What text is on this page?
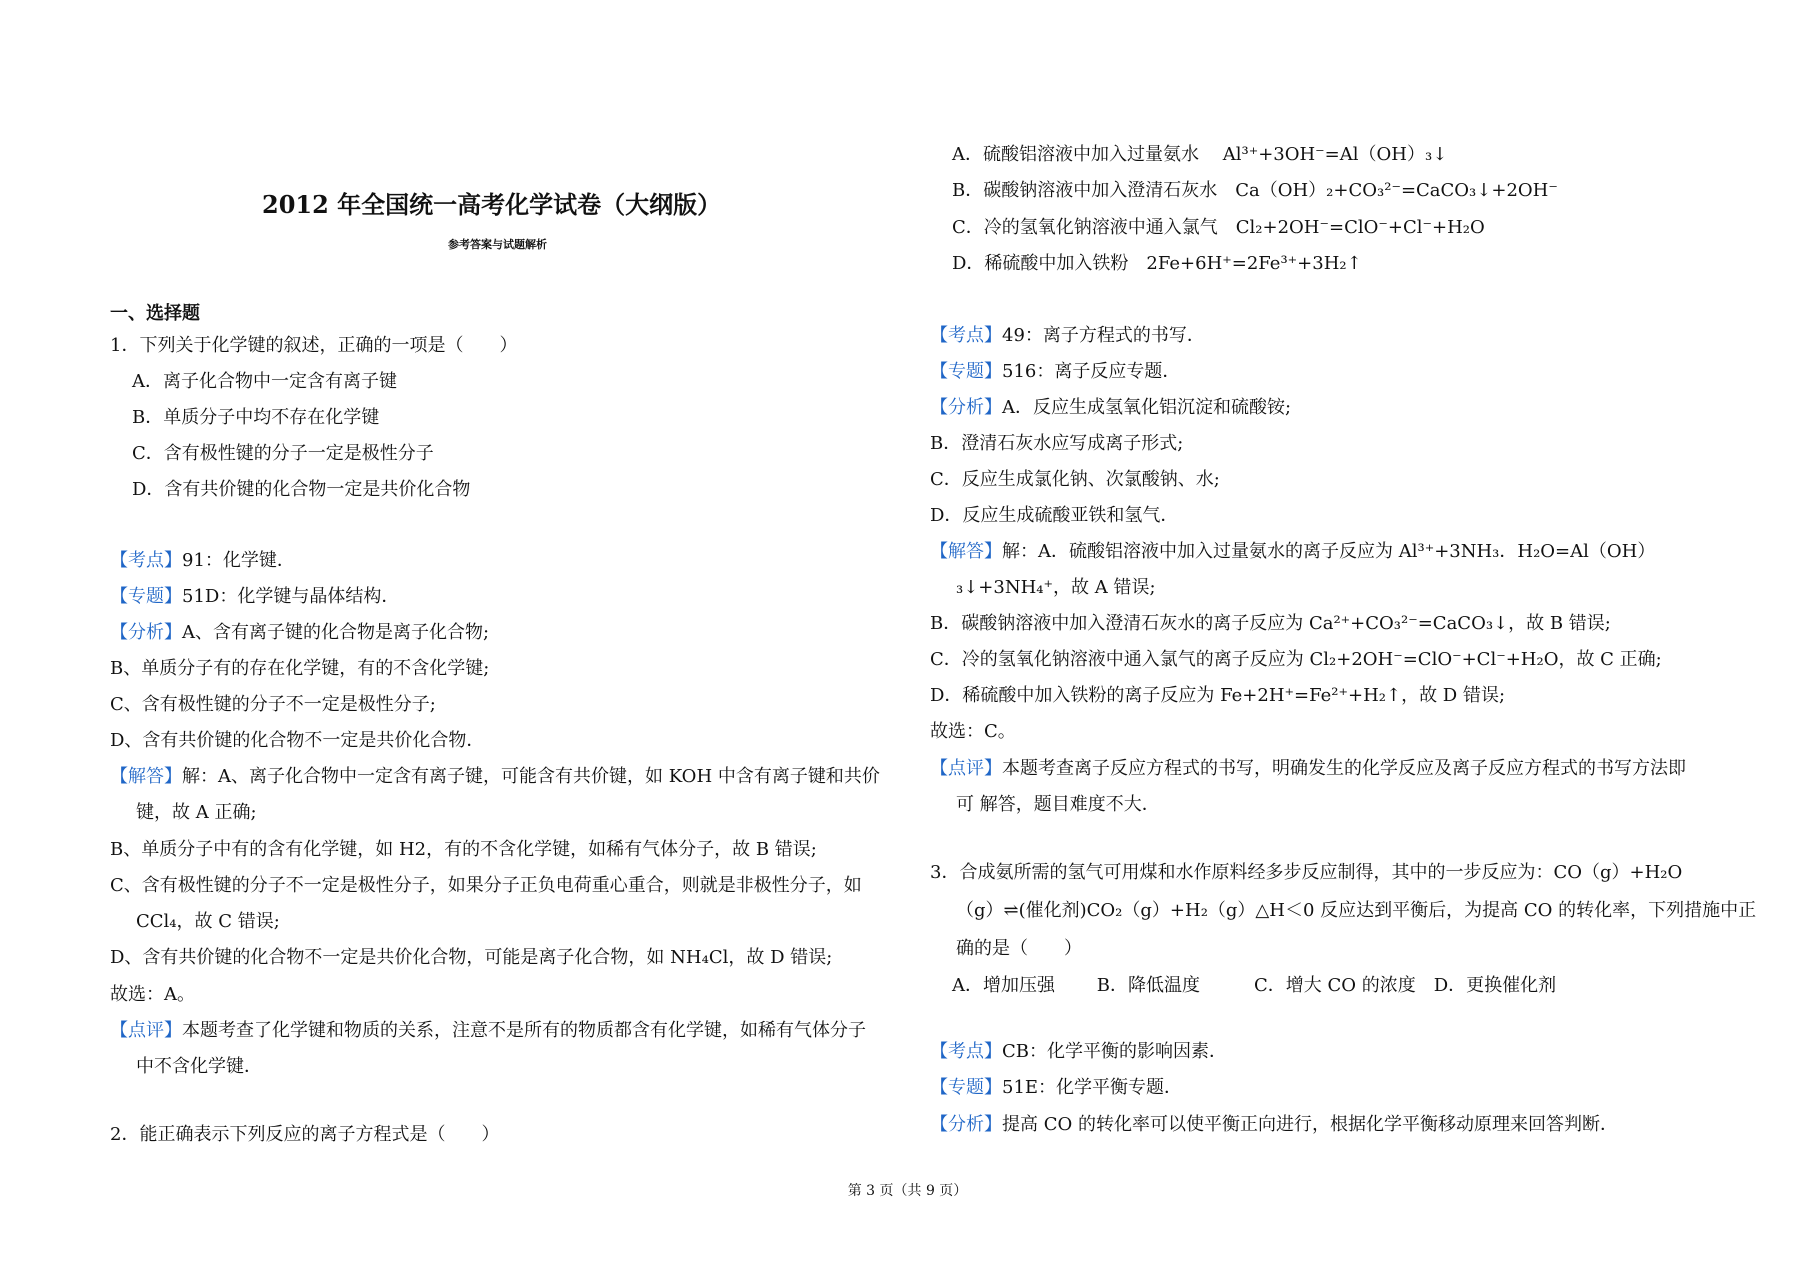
2012 年全国统一高考化学试卷（大纲版）
参考答案与试题解析
一、选择题
1．下列关于化学键的叙述，正确的一项是（　　）
A．离子化合物中一定含有离子键
B．单质分子中均不存在化学键
C．含有极性键的分子一定是极性分子
D．含有共价键的化合物一定是共价化合物
【考点】91：化学键．
【专题】51D：化学键与晶体结构．
【分析】A、含有离子键的化合物是离子化合物;
B、单质分子有的存在化学键，有的不含化学键;
C、含有极性键的分子不一定是极性分子;
D、含有共价键的化合物不一定是共价化合物．
【解答】解：A、离子化合物中一定含有离子键，可能含有共价键，如 KOH 中含有离子键和共价
键，故 A 正确;
B、单质分子中有的含有化学键，如 H2，有的不含化学键，如稀有气体分子，故 B 错误;
C、含有极性键的分子不一定是极性分子，如果分子正负电荷重心重合，则就是非极性分子，如
CCl₄，故 C 错误;
D、含有共价键的化合物不一定是共价化合物，可能是离子化合物，如 NH₄Cl，故 D 错误;
故选：A。
【点评】本题考查了化学键和物质的关系，注意不是所有的物质都含有化学键，如稀有气体分子
中不含化学键．
2．能正确表示下列反应的离子方程式是（　　）
A．硫酸铝溶液中加入过量氨水　 Al³⁺+3OH⁻=Al（OH）₃↓
B．碳酸钠溶液中加入澄清石灰水　Ca（OH）₂+CO₃²⁻=CaCO₃↓+2OH⁻
C．冷的氢氧化钠溶液中通入氯气　Cl₂+2OH⁻=ClO⁻+Cl⁻+H₂O
D．稀硫酸中加入铁粉　2Fe+6H⁺=2Fe³⁺+3H₂↑
【考点】49：离子方程式的书写．
【专题】516：离子反应专题．
【分析】A．反应生成氢氧化铝沉淀和硫酸铵;
B．澄清石灰水应写成离子形式;
C．反应生成氯化钠、次氯酸钠、水;
D．反应生成硫酸亚铁和氢气．
【解答】解：A．硫酸铝溶液中加入过量氨水的离子反应为 Al³⁺+3NH₃．H₂O=Al（OH）
₃↓+3NH₄⁺，故 A 错误;
B．碳酸钠溶液中加入澄清石灰水的离子反应为 Ca²⁺+CO₃²⁻=CaCO₃↓，故 B 错误;
C．冷的氢氧化钠溶液中通入氯气的离子反应为 Cl₂+2OH⁻=ClO⁻+Cl⁻+H₂O，故 C 正确;
D．稀硫酸中加入铁粉的离子反应为 Fe+2H⁺=Fe²⁺+H₂↑，故 D 错误;
故选：C。
【点评】本题考查离子反应方程式的书写，明确发生的化学反应及离子反应方程式的书写方法即
可 解答，题目难度不大．
3．合成氨所需的氢气可用煤和水作原料经多步反应制得，其中的一步反应为：CO（g）+H₂O
（g）⇌(催化剂)CO₂（g）+H₂（g）△H＜0 反应达到平衡后，为提高 CO 的转化率，下列措施中正
确的是（　　）
A．增加压强　　 B．降低温度　　　C．增大 CO 的浓度　D．更换催化剂
【考点】CB：化学平衡的影响因素．
【专题】51E：化学平衡专题．
【分析】提高 CO 的转化率可以使平衡正向进行，根据化学平衡移动原理来回答判断．
第 3 页（共 9 页）
